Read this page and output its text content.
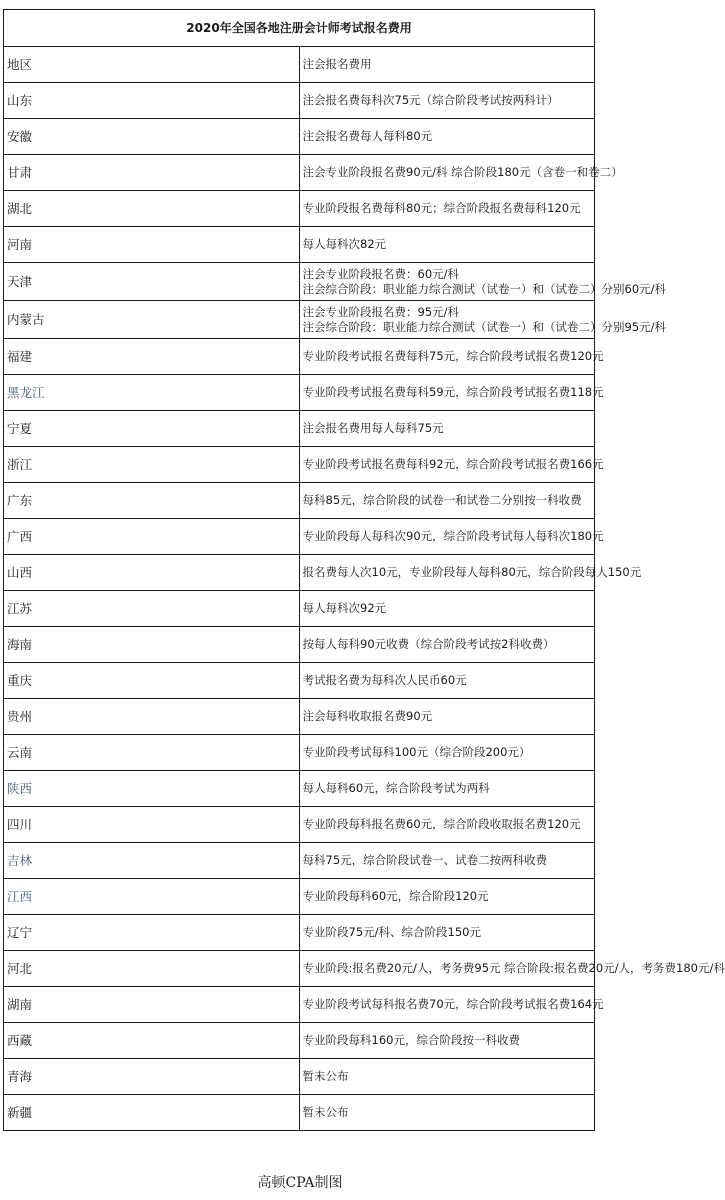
2020年全国各地注册会计师考试报名费用	
地区	注会报名费用
山东	注会报名费每科次75元（综合阶段考试按两科计）

安徽	注会报名费每人每科80元

甘肃	注会专业阶段报名费90元/科 综合阶段180元（含卷一和卷二）

湖北	专业阶段报名费每科80元；综合阶段报名费每科120元

河南	每人每科次82元

天津	注会专业阶段报名费：60元/科
注会综合阶段：职业能力综合测试（试卷一）和（试卷二）分别60元/科

内蒙古	注会专业阶段报名费：95元/科
注会综合阶段：职业能力综合测试（试卷一）和（试卷二）分别95元/科

福建	专业阶段考试报名费每科75元，综合阶段考试报名费120元

黑龙江	专业阶段考试报名费每科59元，综合阶段考试报名费118元

宁夏	注会报名费用每人每科75元

浙江	专业阶段考试报名费每科92元，综合阶段考试报名费166元

广东	每科85元，综合阶段的试卷一和试卷二分别按一科收费

广西	专业阶段每人每科次90元，综合阶段考试每人每科次180元

山西	报名费每人次10元，专业阶段每人每科80元，综合阶段每人150元

江苏	每人每科次92元

海南	按每人每科90元收费（综合阶段考试按2科收费）

重庆	考试报名费为每科次人民币60元

贵州	注会每科收取报名费90元

云南	专业阶段考试每科100元（综合阶段200元）

陕西	每人每科60元，综合阶段考试为两科

四川	专业阶段每科报名费60元，综合阶段收取报名费120元

吉林	每科75元，综合阶段试卷一、试卷二按两科收费

江西	专业阶段每科60元，综合阶段120元

辽宁	专业阶段75元/科、综合阶段150元

河北	专业阶段:报名费20元/人，考务费95元 综合阶段:报名费20元/人，考务费180元/科

湖南	专业阶段考试每科报名费70元，综合阶段考试报名费164元

西藏	专业阶段每科160元，综合阶段按一科收费

青海	暂未公布

新疆	暂未公布
高顿CPA制图
